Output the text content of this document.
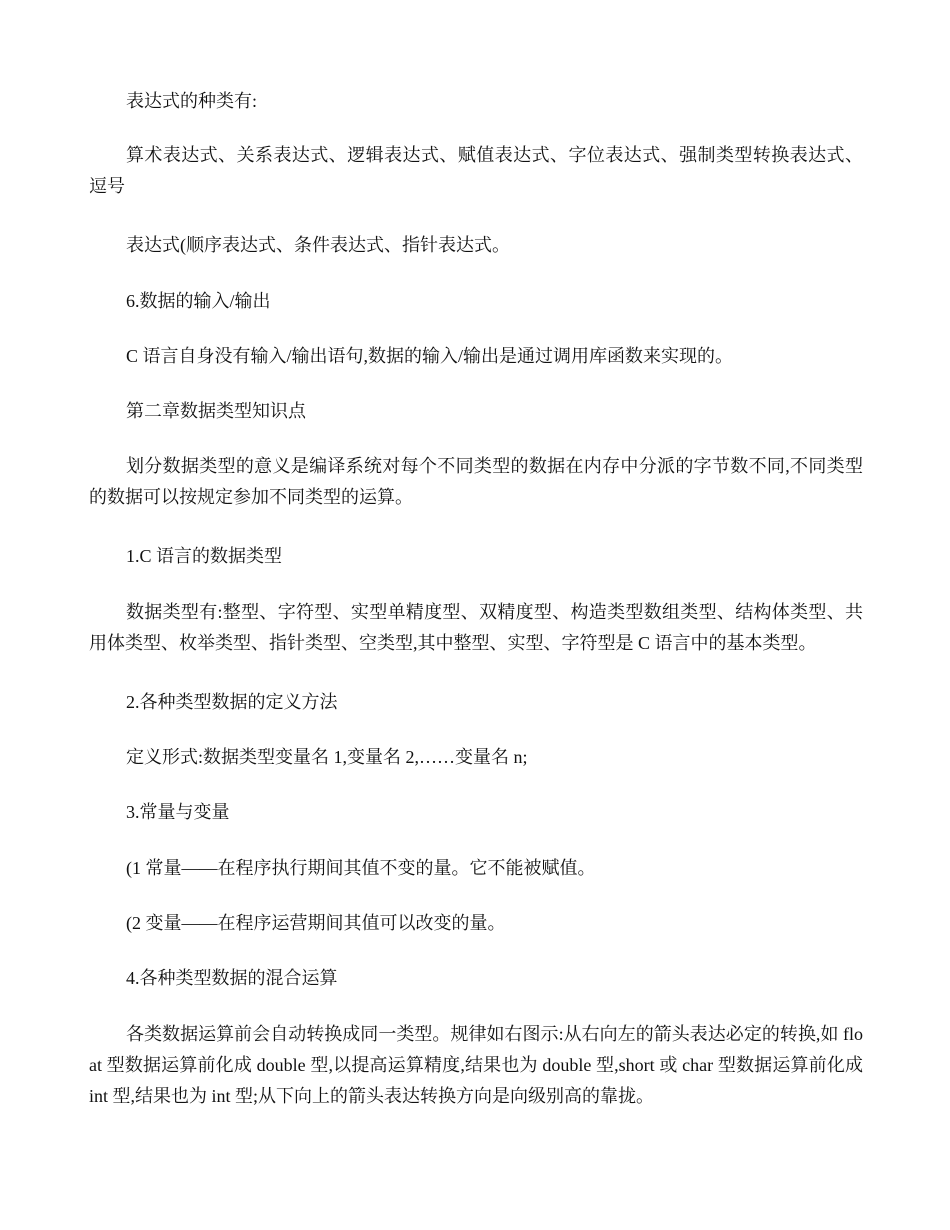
表达式的种类有:

算术表达式、关系表达式、逻辑表达式、赋值表达式、字位表达式、强制类型转换表达式、逗号

表达式(顺序表达式、条件表达式、指针表达式。

6.数据的输入/输出

C 语言自身没有输入/输出语句,数据的输入/输出是通过调用库函数来实现的。

第二章数据类型知识点

划分数据类型的意义是编译系统对每个不同类型的数据在内存中分派的字节数不同,不同类型的数据可以按规定参加不同类型的运算。

1.C 语言的数据类型

数据类型有:整型、字符型、实型单精度型、双精度型、构造类型数组类型、结构体类型、共用体类型、枚举类型、指针类型、空类型,其中整型、实型、字符型是 C 语言中的基本类型。

2.各种类型数据的定义方法

定义形式:数据类型变量名 1,变量名 2,……变量名 n;

3.常量与变量

(1 常量——在程序执行期间其值不变的量。它不能被赋值。

(2 变量——在程序运营期间其值可以改变的量。

4.各种类型数据的混合运算

各类数据运算前会自动转换成同一类型。规律如右图示:从右向左的箭头表达必定的转换,如 float 型数据运算前化成 double 型,以提高运算精度,结果也为 double 型,short 或 char 型数据运算前化成 int 型,结果也为 int 型;从下向上的箭头表达转换方向是向级别高的靠拢。
